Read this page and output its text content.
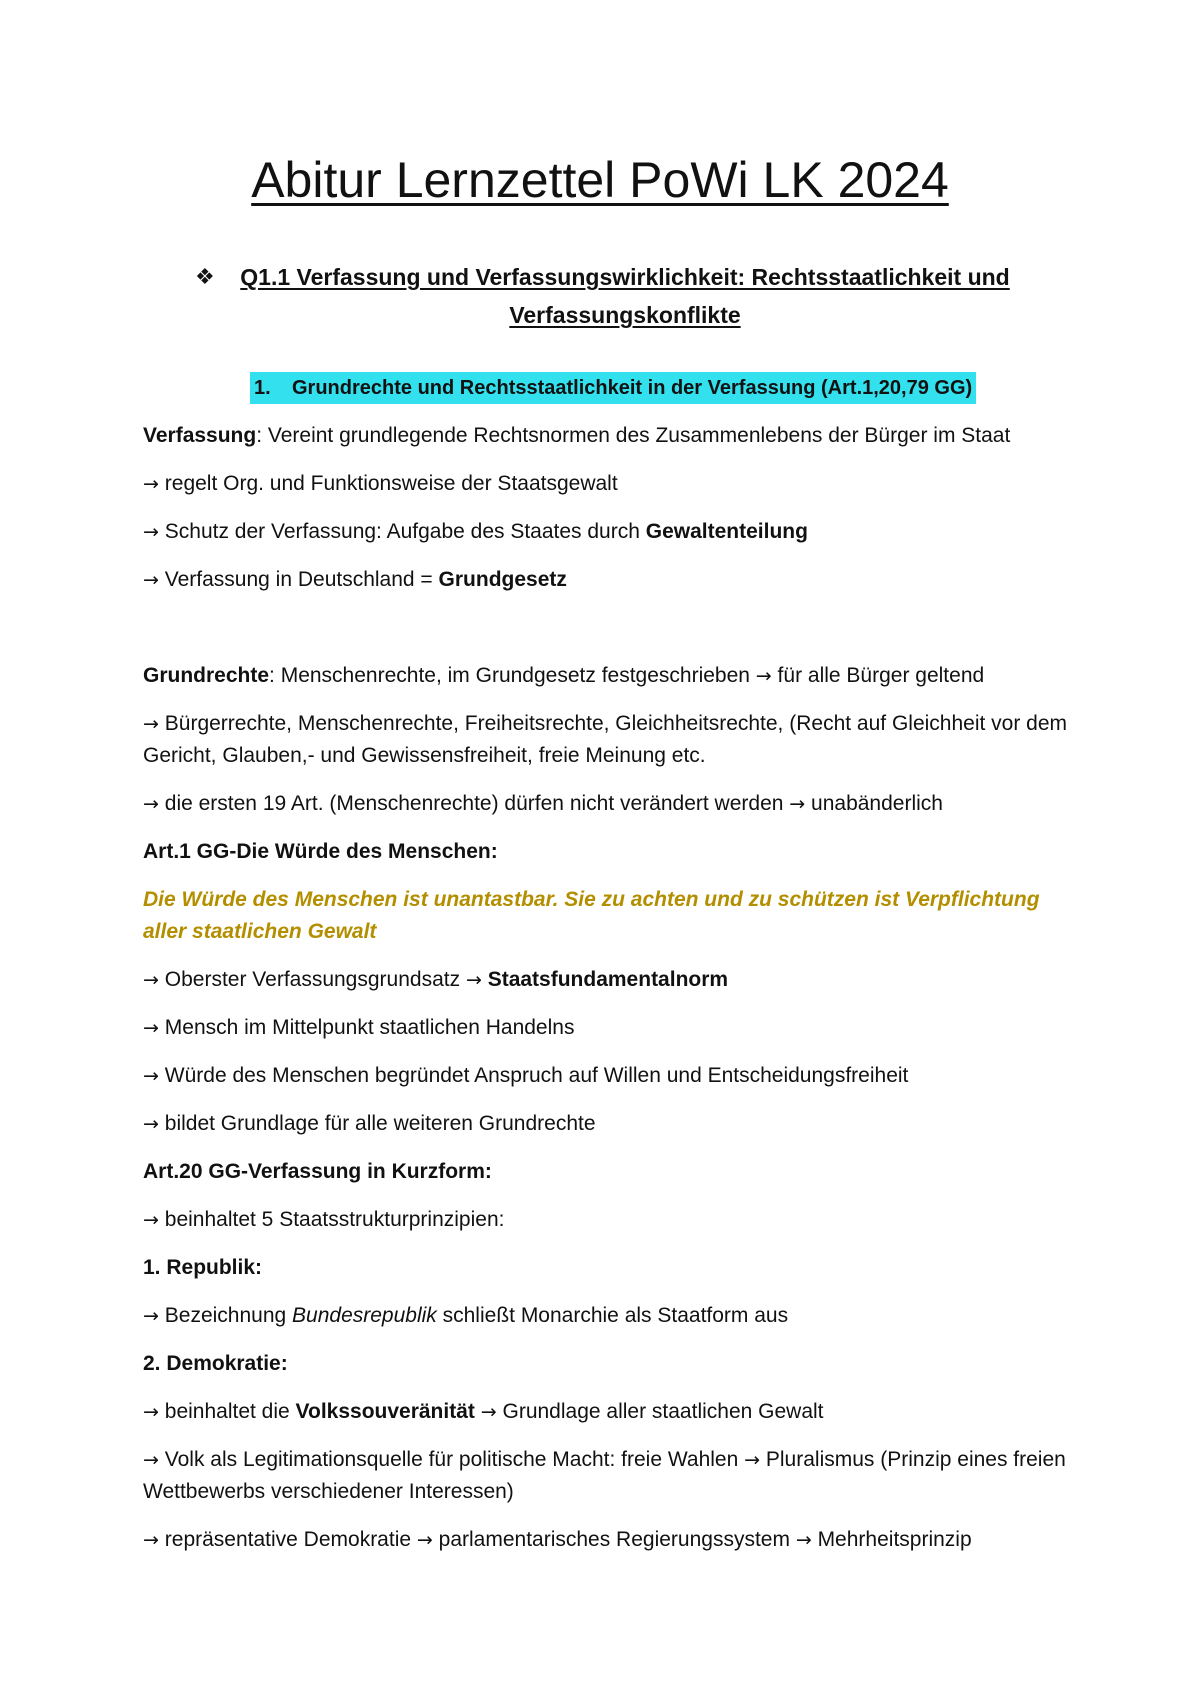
Abitur Lernzettel PoWi LK 2024
❖ Q1.1 Verfassung und Verfassungswirklichkeit: Rechtsstaatlichkeit und Verfassungskonflikte
1. Grundrechte und Rechtsstaatlichkeit in der Verfassung (Art.1,20,79 GG)
Verfassung: Vereint grundlegende Rechtsnormen des Zusammenlebens der Bürger im Staat
→ regelt Org. und Funktionsweise der Staatsgewalt
→ Schutz der Verfassung: Aufgabe des Staates durch Gewaltenteilung
→ Verfassung in Deutschland = Grundgesetz
Grundrechte: Menschenrechte, im Grundgesetz festgeschrieben → für alle Bürger geltend
→ Bürgerrechte, Menschenrechte, Freiheitsrechte, Gleichheitsrechte, (Recht auf Gleichheit vor dem Gericht, Glauben,- und Gewissensfreiheit, freie Meinung etc.
→ die ersten 19 Art. (Menschenrechte) dürfen nicht verändert werden → unabänderlich
Art.1 GG-Die Würde des Menschen:
Die Würde des Menschen ist unantastbar. Sie zu achten und zu schützen ist Verpflichtung aller staatlichen Gewalt
→ Oberster Verfassungsgrundsatz → Staatsfundamentalnorm
→ Mensch im Mittelpunkt staatlichen Handelns
→ Würde des Menschen begründet Anspruch auf Willen und Entscheidungsfreiheit
→ bildet Grundlage für alle weiteren Grundrechte
Art.20 GG-Verfassung in Kurzform:
→ beinhaltet 5 Staatsstrukturprinzipien:
1. Republik:
→ Bezeichnung Bundesrepublik schließt Monarchie als Staatform aus
2. Demokratie:
→ beinhaltet die Volkssouveränität → Grundlage aller staatlichen Gewalt
→ Volk als Legitimationsquelle für politische Macht: freie Wahlen → Pluralismus (Prinzip eines freien Wettbewerbs verschiedener Interessen)
→ repräsentative Demokratie → parlamentarisches Regierungssystem → Mehrheitsprinzip
